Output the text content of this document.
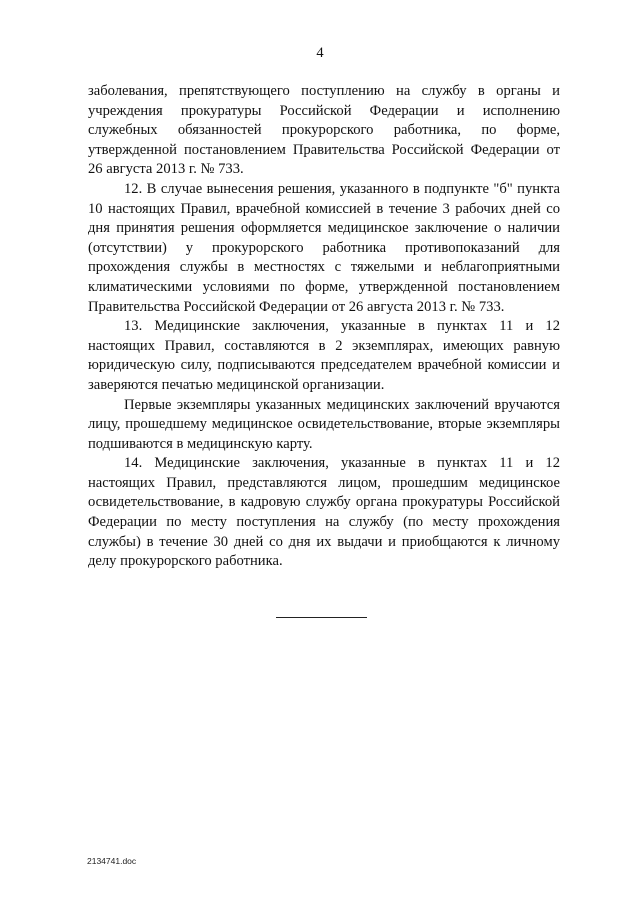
4

заболевания, препятствующего поступлению на службу в органы и учреждения прокуратуры Российской Федерации и исполнению служебных обязанностей прокурорского работника, по форме, утвержденной постановлением Правительства Российской Федерации от 26 августа 2013 г. № 733.

12. В случае вынесения решения, указанного в подпункте "б" пункта 10 настоящих Правил, врачебной комиссией в течение 3 рабочих дней со дня принятия решения оформляется медицинское заключение о наличии (отсутствии) у прокурорского работника противопоказаний для прохождения службы в местностях с тяжелыми и неблагоприятными климатическими условиями по форме, утвержденной постановлением Правительства Российской Федерации от 26 августа 2013 г. № 733.

13. Медицинские заключения, указанные в пунктах 11 и 12 настоящих Правил, составляются в 2 экземплярах, имеющих равную юридическую силу, подписываются председателем врачебной комиссии и заверяются печатью медицинской организации.

Первые экземпляры указанных медицинских заключений вручаются лицу, прошедшему медицинское освидетельствование, вторые экземпляры подшиваются в медицинскую карту.

14. Медицинские заключения, указанные в пунктах 11 и 12 настоящих Правил, представляются лицом, прошедшим медицинское освидетельствование, в кадровую службу органа прокуратуры Российской Федерации по месту поступления на службу (по месту прохождения службы) в течение 30 дней со дня их выдачи и приобщаются к личному делу прокурорского работника.

2134741.doc
